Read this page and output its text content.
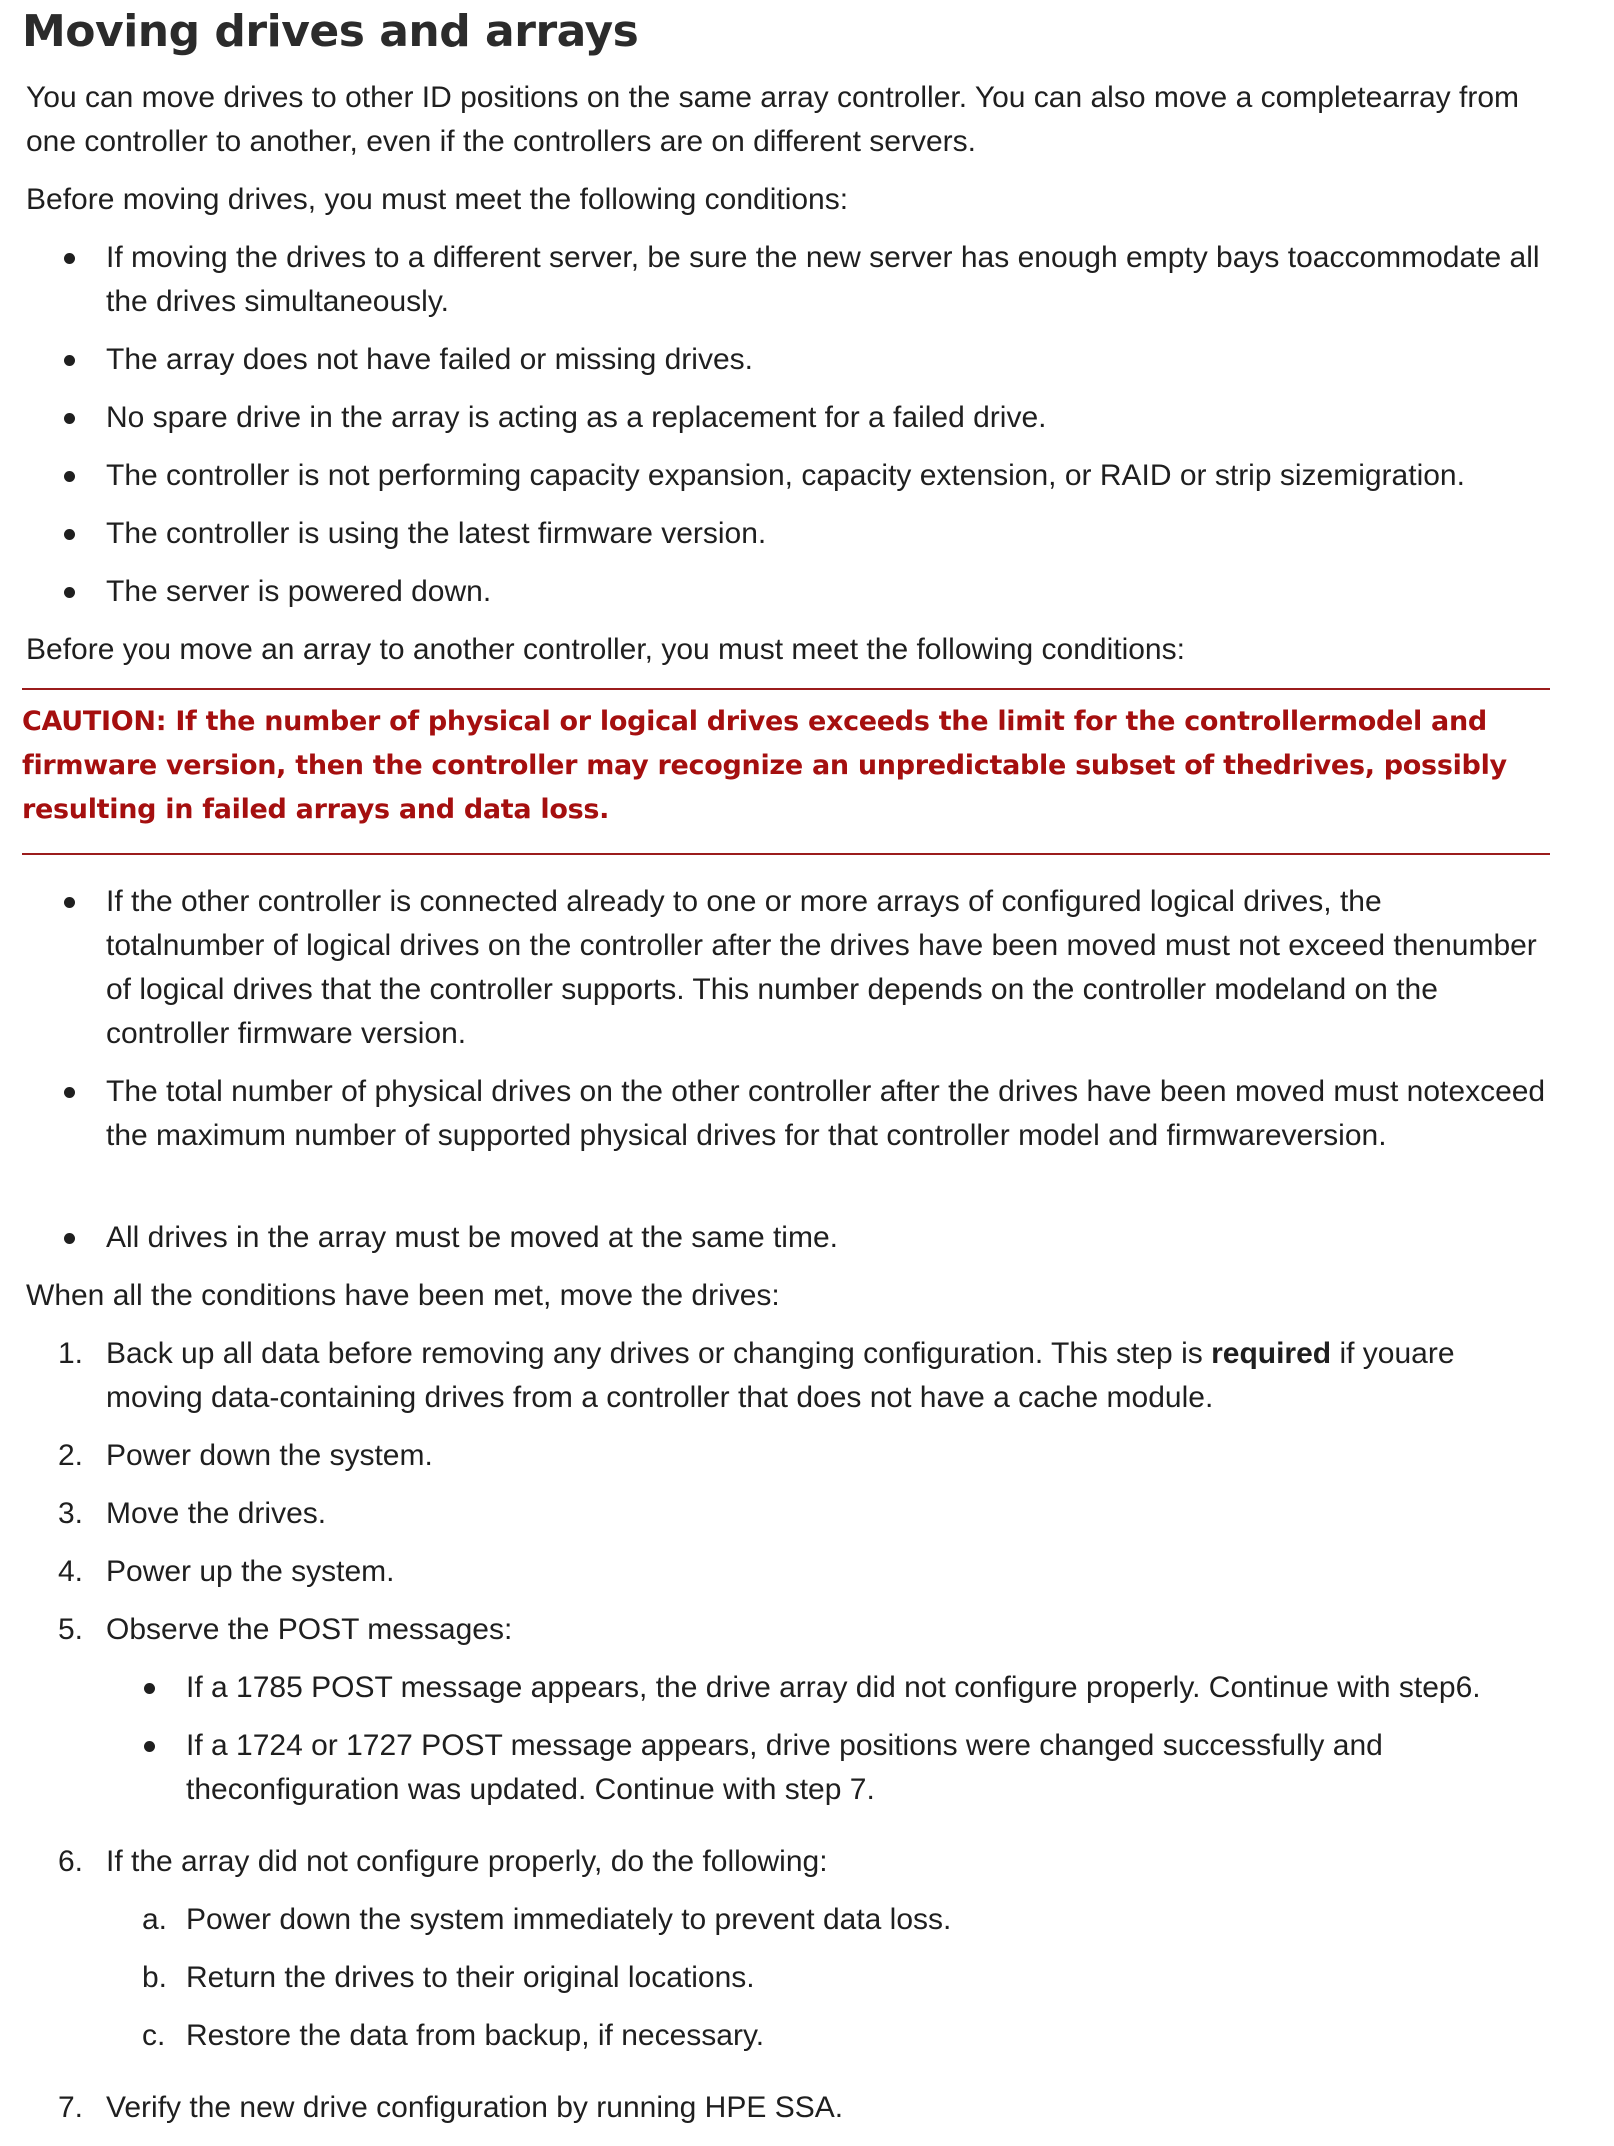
Moving drives and arrays

You can move drives to other ID positions on the same array controller. You can also move a completearray from one controller to another, even if the controllers are on different servers.

Before moving drives, you must meet the following conditions:

If moving the drives to a different server, be sure the new server has enough empty bays toaccommodate all the drives simultaneously.

The array does not have failed or missing drives.

No spare drive in the array is acting as a replacement for a failed drive.

The controller is not performing capacity expansion, capacity extension, or RAID or strip sizemigration.

The controller is using the latest firmware version.

The server is powered down.

Before you move an array to another controller, you must meet the following conditions:

CAUTION: If the number of physical or logical drives exceeds the limit for the controllermodel and firmware version, then the controller may recognize an unpredictable subset of thedrives, possibly resulting in failed arrays and data loss.

If the other controller is connected already to one or more arrays of configured logical drives, the totalnumber of logical drives on the controller after the drives have been moved must not exceed thenumber of logical drives that the controller supports. This number depends on the controller modeland on the controller firmware version.

The total number of physical drives on the other controller after the drives have been moved must notexceed the maximum number of supported physical drives for that controller model and firmwareversion.

All drives in the array must be moved at the same time.

When all the conditions have been met, move the drives:

1. Back up all data before removing any drives or changing configuration. This step is required if youare moving data-containing drives from a controller that does not have a cache module.

2. Power down the system.

3. Move the drives.

4. Power up the system.

5. Observe the POST messages:

If a 1785 POST message appears, the drive array did not configure properly. Continue with step6.

If a 1724 or 1727 POST message appears, drive positions were changed successfully and theconfiguration was updated. Continue with step 7.

6. If the array did not configure properly, do the following:

a. Power down the system immediately to prevent data loss.

b. Return the drives to their original locations.

c. Restore the data from backup, if necessary.

7. Verify the new drive configuration by running HPE SSA.
